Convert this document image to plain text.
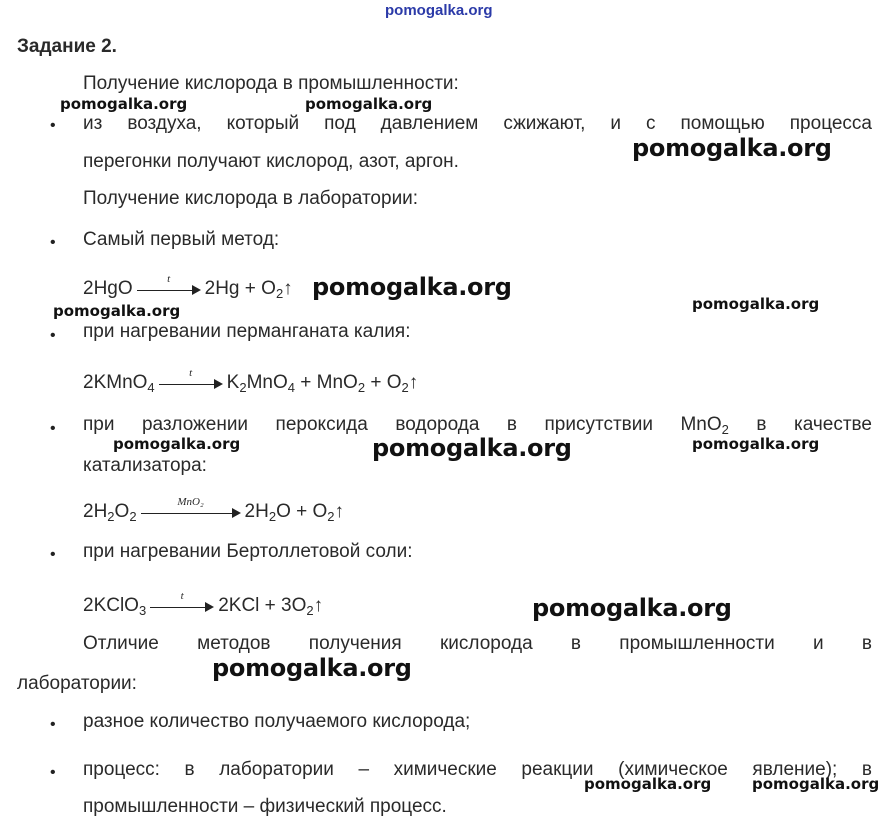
pomogalka.org
Задание 2.
Получение кислорода в промышленности:
pomogalka.org	pomogalka.org
• из воздуха, который под давлением сжижают, и с помощью процесса
перегонки получают кислород, азот, аргон.	pomogalka.org
Получение кислорода в лаборатории:
• Самый первый метод:
2HgO	t	$2Hg + O_2↑$ pomogalka.org
pomogalka.org	pomogalka.org
• при нагревании перманганата калия:
2KMnO$_4$
t	$K_2MnO_4 + MnO_2$ + $O_2↑$
• при разложении пероксида водорода в присутствии MnO$_2$ в качестве
катализатора:
pomogalka.org	pomogalka.org	pomogalka.org
$2H_2O_2$
MnO₂	$2H_2O$ + $O_2↑$
• при нагревании Бертоллетовой соли:
2KClO$_3$
t	$2KCl + 3O_2↑$	pomogalka.org
Отличие методов получения кислорода в промышленности и в
лаборатории:
pomogalka.org
• разное количество получаемого кислорода;
• процесс: в лаборатории – химические реакции (химическое явление); в
промышленности – физический процесс.
pomogalka.org	pomogalka.org
